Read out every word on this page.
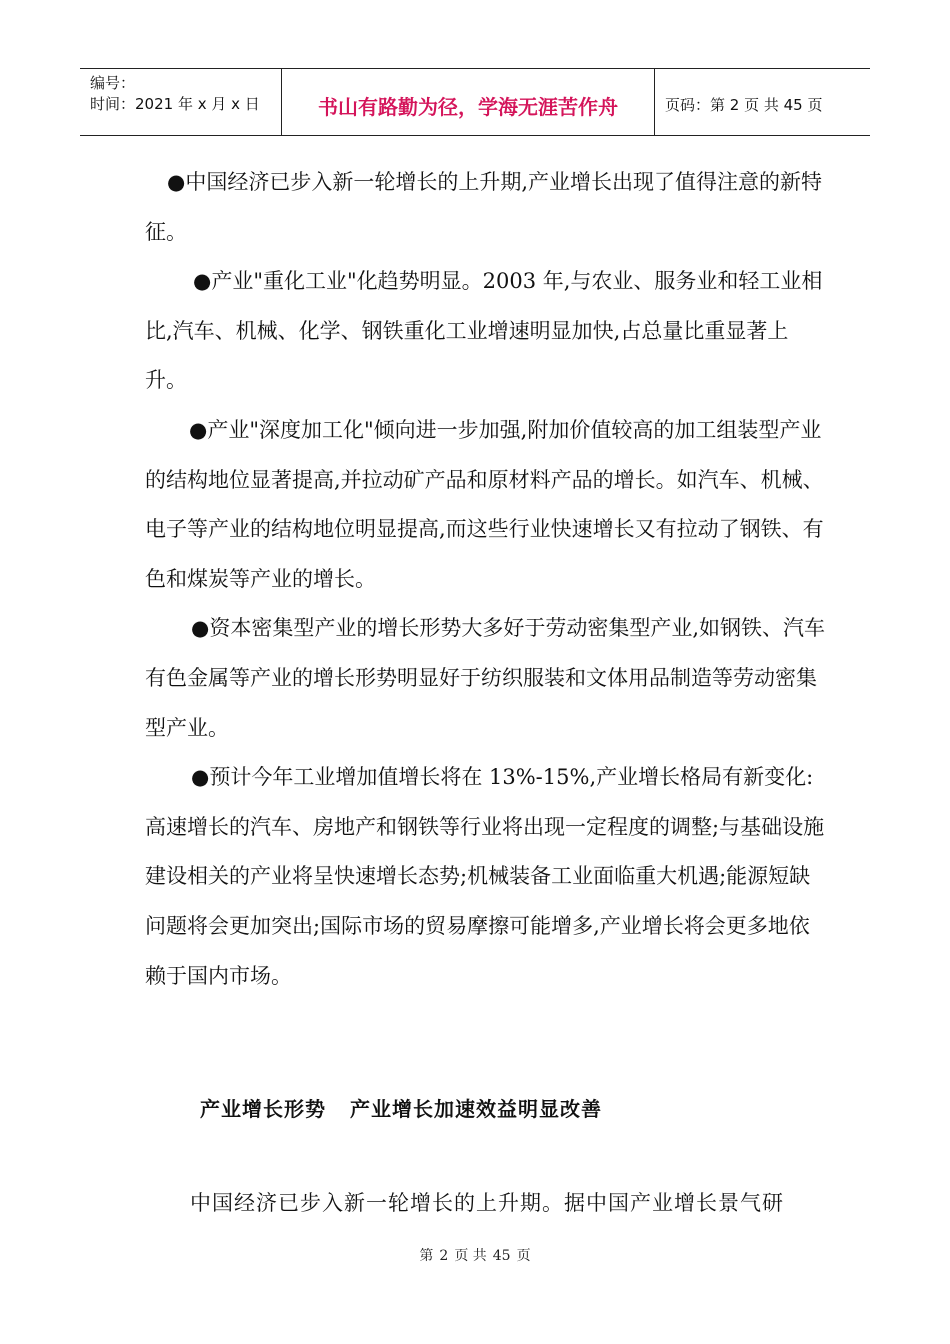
编号：
时间：2021 年 x 月 x 日	书山有路勤为径，学海无涯苦作舟	页码：第 2 页 共 45 页

●中国经济已步入新一轮增长的上升期,产业增长出现了值得注意的新特征。

●产业"重化工业"化趋势明显。2003 年,与农业、服务业和轻工业相比,汽车、机械、化学、钢铁重化工业增速明显加快,占总量比重显著上升。

●产业"深度加工化"倾向进一步加强,附加价值较高的加工组装型产业的结构地位显著提高,并拉动矿产品和原材料产品的增长。如汽车、机械、电子等产业的结构地位明显提高,而这些行业快速增长又有拉动了钢铁、有色和煤炭等产业的增长。

●资本密集型产业的增长形势大多好于劳动密集型产业,如钢铁、汽车有色金属等产业的增长形势明显好于纺织服装和文体用品制造等劳动密集型产业。

●预计今年工业增加值增长将在 13%-15%,产业增长格局有新变化:高速增长的汽车、房地产和钢铁等行业将出现一定程度的调整;与基础设施建设相关的产业将呈快速增长态势;机械装备工业面临重大机遇;能源短缺问题将会更加突出;国际市场的贸易摩擦可能增多,产业增长将会更多地依赖于国内市场。

产业增长形势 产业增长加速效益明显改善
中国经济已步入新一轮增长的上升期。据中国产业增长景气研
第 2 页 共 45 页
